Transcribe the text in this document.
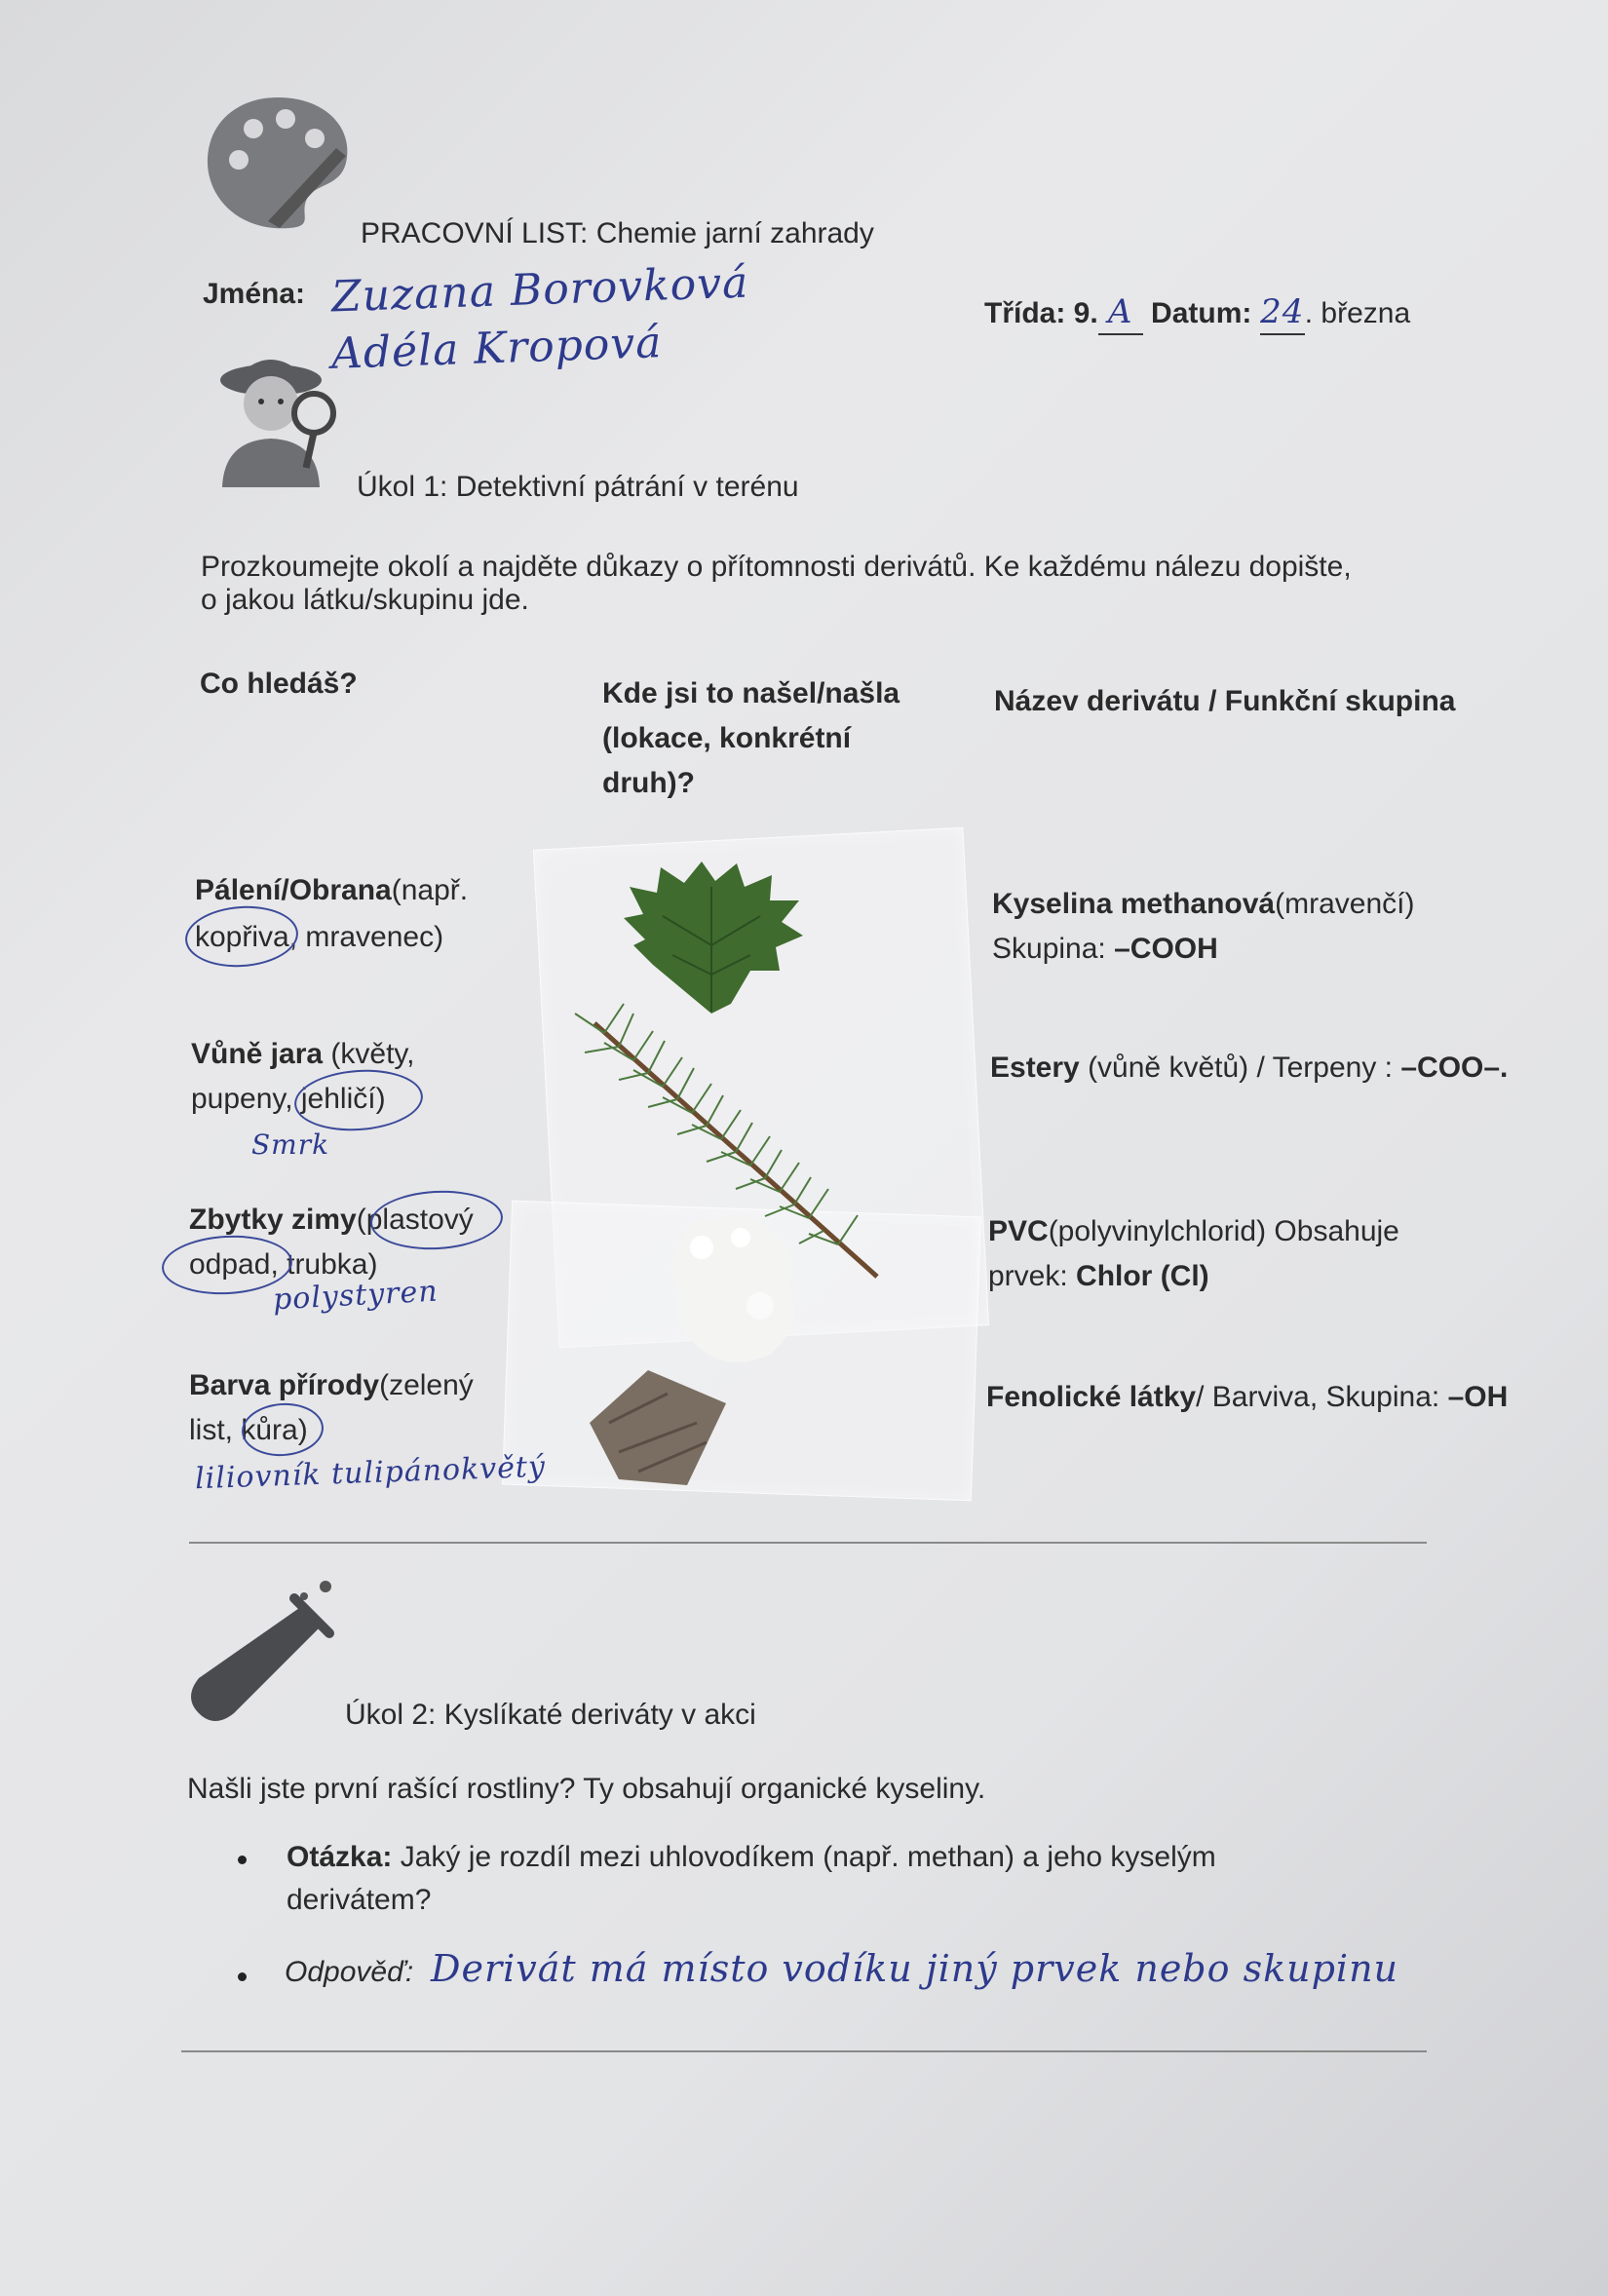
PRACOVNÍ LIST: Chemie jarní zahrady
Jména: Zuzana Borovková
Adéla Kropová
Třída: 9. A Datum: 24. března
Úkol 1: Detektivní pátrání v terénu
Prozkoumejte okolí a najděte důkazy o přítomnosti derivátů. Ke každému nálezu dopište,
o jakou látku/skupinu jde.
Co hledáš?	Kde jsi to našel/našla
(lokace, konkrétní
druh)?
Název derivátu / Funkční skupina
Pálení/Obrana(např.
kopřiva, mravenec)
Kyselina methanová(mravenčí)
Skupina: –COOH
Vůně jara (květy,
pupeny, jehličí)
Smrk
Estery (vůně květů) / Terpeny : –COO–.
Zbytky zimy(plastový
odpad, trubka)
polystyren
PVC(polyvinylchlorid) Obsahuje
prvek: Chlor (Cl)
Barva přírody(zelený
list, kůra)
liliovník tulipánokvětý
Fenolické látky/ Barviva, Skupina: –OH
Úkol 2: Kyslíkaté deriváty v akci
Našli jste první rašící rostliny? Ty obsahují organické kyseliny.
Otázka: Jaký je rozdíl mezi uhlovodíkem (např. methan) a jeho kyselým
derivátem?
Odpověď: Derivát má místo vodíku jiný prvek nebo skupinu
